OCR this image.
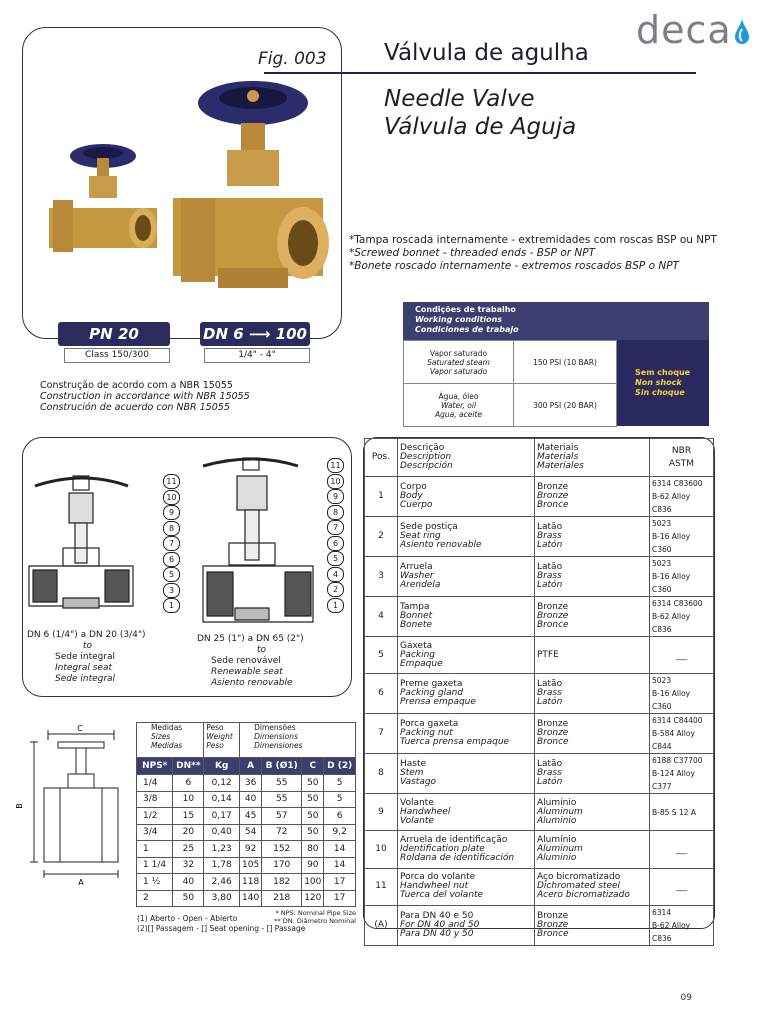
deca
Fig. 003 Válvula de agulha
Needle Valve
Válvula de Aguja
*Tampa roscada internamente - extremidades com roscas BSP ou NPT
*Screwed bonnet - threaded ends - BSP or NPT
*Bonete roscado internamente - extremos roscados BSP o NPT
PN 20
Class 150/300
DN 6 ⟶ 100
1/4" - 4"
Construção de acordo com a NBR 15055
Construction in accordance with NBR 15055
Construción de acuerdo con NBR 15055
Condições de trabalho
Working conditions
Condiciones de trabajo
Vapor saturado
Saturated steam
Vapor saturado	150 PSI (10 BAR)

Água, óleo
Water, oil
Agua, aceite	300 PSI (20 BAR)
Sem choque
Non shock
Sin choque
11
10
9
8
7
6
5
3
1
11
10
9
8
7
6
5
4
2
1
DN 6 (1/4") a DN 20 (3/4")
to
Sede integral
Integral seat
Sede integral
DN 25 (1") a DN 65 (2")
to
Sede renovável
Renewable seat
Asiento renovable
Pos.	Descrição
Description
Descripción	Materiais
Materials
Materiales	NBR
ASTM

1	Corpo
Body
Cuerpo	Bronze
Bronze
Bronce	6314 C83600
B-62 Alloy C836

2	Sede postiça
Seat ring
Asiento renovable	Latão
Brass
Latón	5023
B-16 Alloy C360

3	Arruela
Washer
Arendela	Latão
Brass
Latón	5023
B-16 Alloy C360

4	Tampa
Bonnet
Bonete	Bronze
Bronze
Bronce	6314 C83600
B-62 Alloy C836

5	Gaxeta
Packing
Empaque	PTFE	___

6	Preme gaxeta
Packing gland
Prensa empaque	Latão
Brass
Latón	5023
B-16 Alloy C360

7	Porca gaxeta
Packing nut
Tuerca prensa empaque	Bronze
Bronze
Bronce	6314 C84400
B-584 Alloy C844

8	Haste
Stem
Vastago	Latão
Brass
Latón	6188 C37700
B-124 Alloy C377

9	Volante
Handwheel
Volante	Alumínio
Aluminum
Aluminio	B-85 S 12 A

10	Arruela de identificação
Identification plate
Roldana de identificación	Alumínio
Aluminum
Aluminio	___

11	Porca do volante
Handwheel nut
Tuerca del volante	Aço bicromatizado
Dichromated steel
Acero bicromatizado	___

(A)	Para DN 40 e 50
For DN 40 and 50
Para DN 40 y 50	Bronze
Bronze
Bronce	6314
B-62 Alloy C836
C
B
A
Medidas
Sizes
Medidas		Peso
Weight
Peso	Dimensões
Dimensions
Dimensiones			

NPS*	DN**	Kg	A	B (Ø1)	C	D (2)
1/4	6	0,12	36	55	50	5
3/8	10	0,14	40	55	50	5
1/2	15	0,17	45	57	50	6
3/4	20	0,40	54	72	50	9,2
1	25	1,23	92	152	80	14
1 1/4	32	1,78	105	170	90	14
1 ½	40	2,46	118	182	100	17
2	50	3,80	140	218	120	17
* NPS: Nominal Pipe Size
** DN: Diâmetro Nominal
(1) Aberto - Open - Abierto
(2)[] Passagem - [] Seat opening - [] Passage
09
